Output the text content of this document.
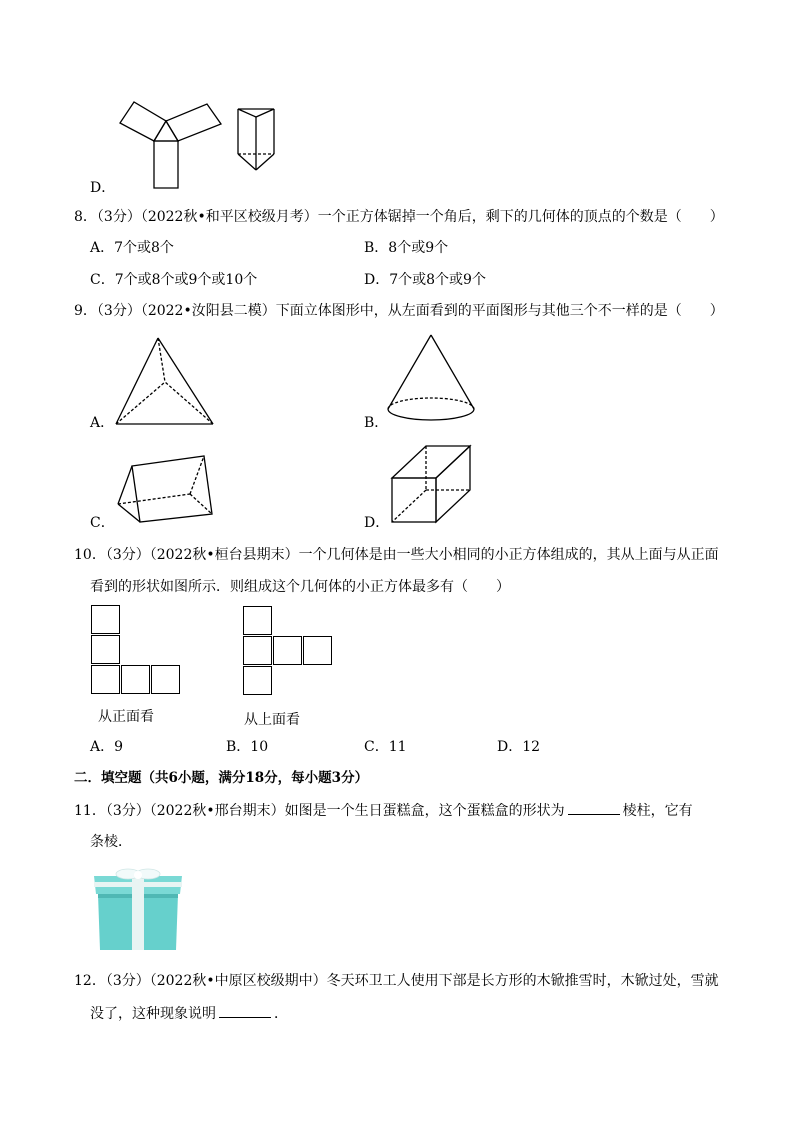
D．
8．（3分）（2022秋•和平区校级月考）一个正方体锯掉一个角后，剩下的几何体的顶点的个数是（　　）
A．7个或8个	B．8个或9个
C．7个或8个或9个或10个	D．7个或8个或9个
9．（3分）（2022•汝阳县二模）下面立体图形中，从左面看到的平面图形与其他三个不一样的是（　　）
A．	B．
C．	D．
10．（3分）（2022秋•桓台县期末）一个几何体是由一些大小相同的小正方体组成的，其从上面与从正面
看到的形状如图所示．则组成这个几何体的小正方体最多有（　　）
从正面看	从上面看
A．9	B．10	C．11	D．12
二．填空题（共6小题，满分18分，每小题3分）
11．（3分）（2022秋•邢台期末）如图是一个生日蛋糕盒，这个蛋糕盒的形状为	棱柱，它有
条棱．
12．（3分）（2022秋•中原区校级期中）冬天环卫工人使用下部是长方形的木锨推雪时，木锨过处，雪就
没了，这种现象说明	．
